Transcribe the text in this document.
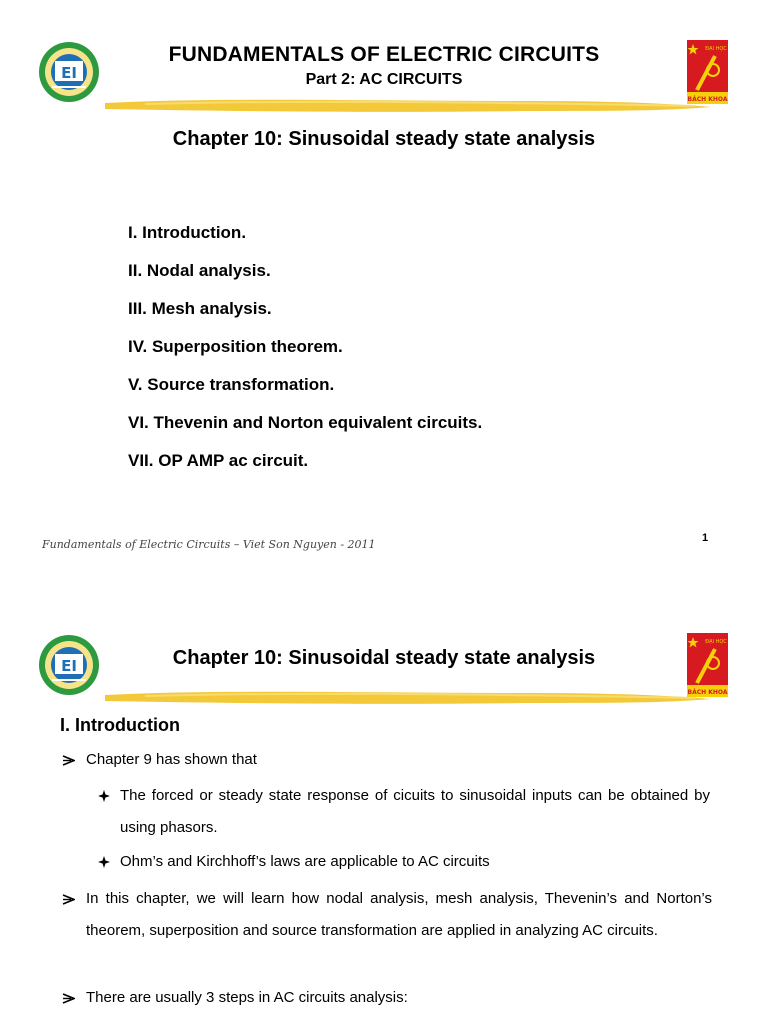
EI
FUNDAMENTALS OF ELECTRIC CIRCUITS
Part 2: AC CIRCUITS
ĐẠI HỌC
BÁCH KHOA
Chapter 10: Sinusoidal steady state analysis
I. Introduction.
II. Nodal analysis.
III. Mesh analysis.
IV. Superposition theorem.
V. Source transformation.
VI. Thevenin and Norton equivalent circuits.
VII. OP AMP ac circuit.
Fundamentals of Electric Circuits – Viet Son Nguyen - 2011	1
EI	Chapter 10: Sinusoidal steady state analysis
ĐẠI HỌC
BÁCH KHOA
I. Introduction
Chapter 9 has shown that
The forced or steady state response of cicuits to sinusoidal inputs can be obtained by using phasors.
Ohm’s and Kirchhoff’s laws are applicable to AC circuits
In this chapter, we will learn how nodal analysis, mesh analysis, Thevenin’s and Norton’s theorem, superposition and source transformation are applied in analyzing AC circuits.
There are usually 3 steps in AC circuits analysis:
